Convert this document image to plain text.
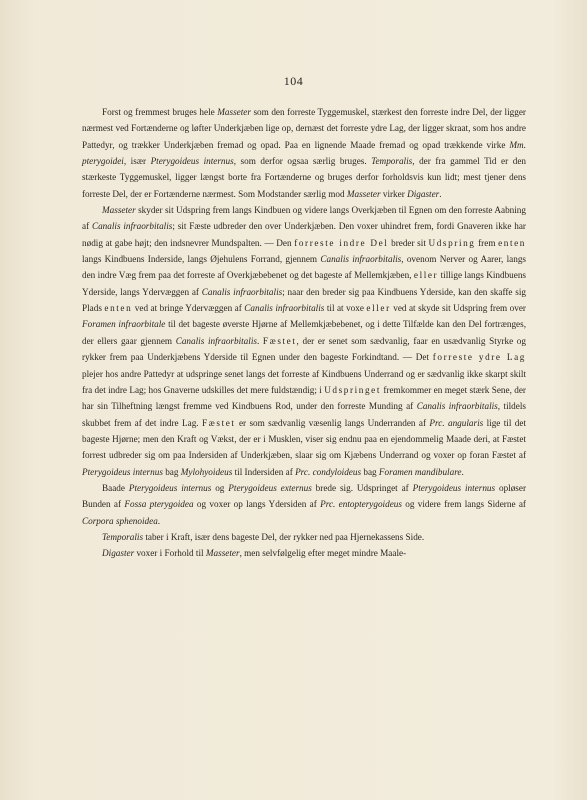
104

Forst og fremmest bruges hele Masseter som den forreste Tyggemuskel, stærkest den forreste indre Del, der ligger nærmest ved Fortænderne og løfter Underkjæben lige op, dernæst det forreste ydre Lag, der ligger skraat, som hos andre Pattedyr, og trækker Underkjæben fremad og opad. Paa en lignende Maade fremad og opad trækkende virke Mm. pterygoidei, især Pterygoideus internus, som derfor ogsaa særlig bruges. Temporalis, der fra gammel Tid er den stærkeste Tyggemuskel, ligger længst borte fra Fortænderne og bruges derfor forholdsvis kun lidt; mest tjener dens forreste Del, der er Fortænderne nærmest. Som Modstander særlig mod Masseter virker Digaster.

Masseter skyder sit Udspring frem langs Kindbuen og videre langs Overkjæben til Egnen om den forreste Aabning af Canalis infraorbitalis; sit Fæste udbreder den over Underkjæben. Den voxer uhindret frem, fordi Gnaveren ikke har nødig at gabe højt; den indsnevrer Mundspalten. — Den forreste indre Del breder sit Udspring frem enten langs Kindbuens Inderside, langs Øjehulens Forrand, gjennem Canalis infraorbitalis, ovenom Nerver og Aarer, langs den indre Væg frem paa det forreste af Overkjæbebenet og det bageste af Mellemkjæben, eller tillige langs Kindbuens Yderside, langs Ydervæggen af Canalis infraorbitalis; naar den breder sig paa Kindbuens Yderside, kan den skaffe sig Plads enten ved at bringe Ydervæggen af Canalis infraorbitalis til at voxe eller ved at skyde sit Udspring frem over Foramen infraorbitale til det bageste øverste Hjørne af Mellemkjæbebenet, og i dette Tilfælde kan den Del fortrænges, der ellers gaar gjennem Canalis infraorbitalis. Fæstet, der er senet som sædvanlig, faar en usædvanlig Styrke og rykker frem paa Underkjæbens Yderside til Egnen under den bageste Forkindtand. — Det forreste ydre Lag plejer hos andre Pattedyr at udspringe senet langs det forreste af Kindbuens Underrand og er sædvanlig ikke skarpt skilt fra det indre Lag; hos Gnaverne udskilles det mere fuldstændig; i Udspringet fremkommer en meget stærk Sene, der har sin Tilheftning længst fremme ved Kindbuens Rod, under den forreste Munding af Canalis infraorbitalis, tildels skubbet frem af det indre Lag. Fæstet er som sædvanlig væsenlig langs Underranden af Prc. angularis lige til det bageste Hjørne; men den Kraft og Vækst, der er i Musklen, viser sig endnu paa en ejendommelig Maade deri, at Fæstet forrest udbreder sig om paa Indersiden af Underkjæben, slaar sig om Kjæbens Underrand og voxer op foran Fæstet af Pterygoideus internus bag Mylohyoideus til Indersiden af Prc. condyloideus bag Foramen mandibulare.

Baade Pterygoideus internus og Pterygoideus externus brede sig. Udspringet af Pterygoideus internus opløser Bunden af Fossa pterygoidea og voxer op langs Ydersiden af Prc. entopterygoideus og videre frem langs Siderne af Corpora sphenoidea.

Temporalis taber i Kraft, især dens bageste Del, der rykker ned paa Hjernekassens Side.

Digaster voxer i Forhold til Masseter, men selvfølgelig efter meget mindre Maale-
